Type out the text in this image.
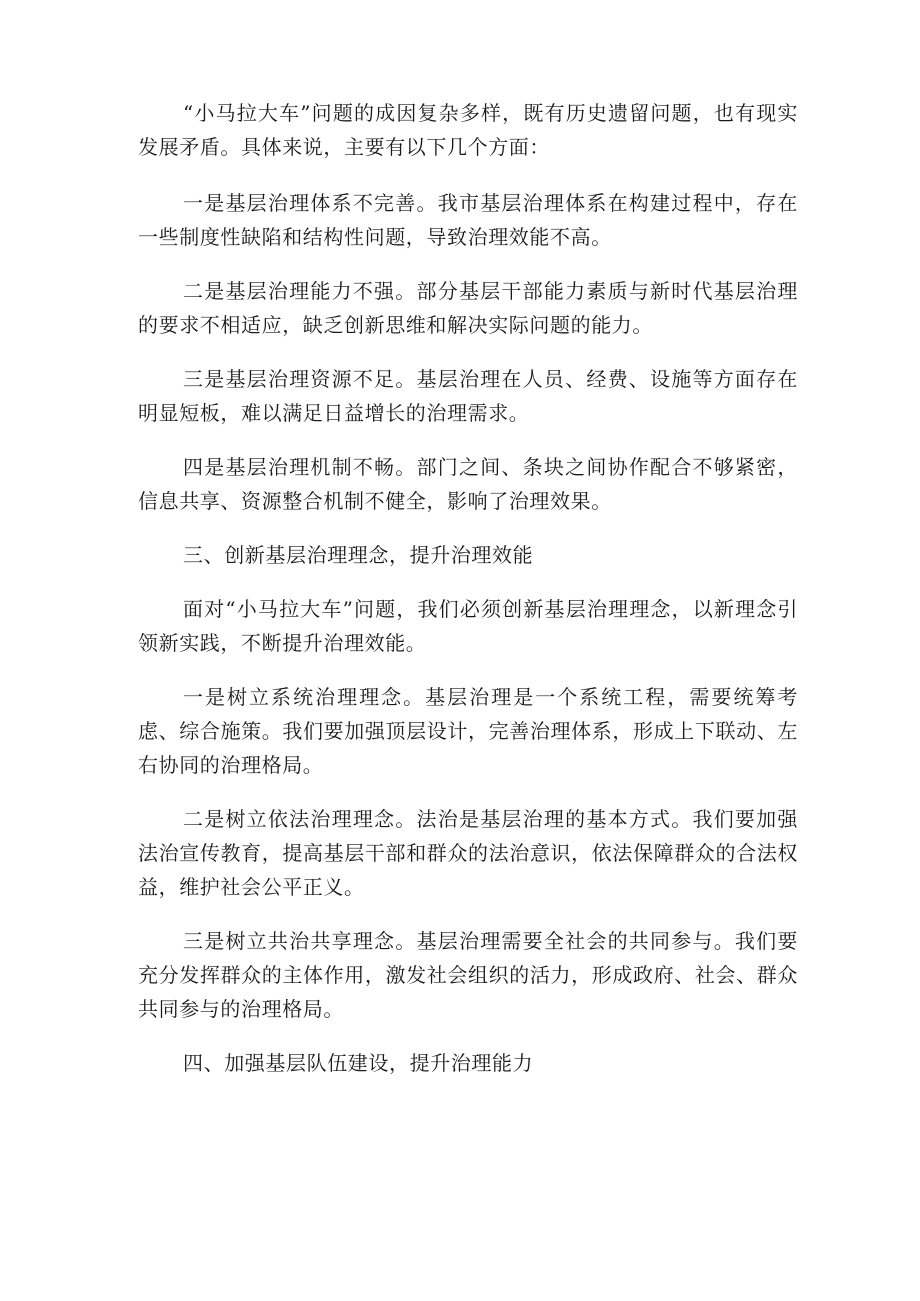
“小马拉大车”问题的成因复杂多样，既有历史遗留问题，也有现实发展矛盾。具体来说，主要有以下几个方面：

一是基层治理体系不完善。我市基层治理体系在构建过程中，存在一些制度性缺陷和结构性问题，导致治理效能不高。

二是基层治理能力不强。部分基层干部能力素质与新时代基层治理的要求不相适应，缺乏创新思维和解决实际问题的能力。

三是基层治理资源不足。基层治理在人员、经费、设施等方面存在明显短板，难以满足日益增长的治理需求。

四是基层治理机制不畅。部门之间、条块之间协作配合不够紧密，信息共享、资源整合机制不健全，影响了治理效果。

三、创新基层治理理念，提升治理效能

面对“小马拉大车”问题，我们必须创新基层治理理念，以新理念引领新实践，不断提升治理效能。

一是树立系统治理理念。基层治理是一个系统工程，需要统筹考虑、综合施策。我们要加强顶层设计，完善治理体系，形成上下联动、左右协同的治理格局。

二是树立依法治理理念。法治是基层治理的基本方式。我们要加强法治宣传教育，提高基层干部和群众的法治意识，依法保障群众的合法权益，维护社会公平正义。

三是树立共治共享理念。基层治理需要全社会的共同参与。我们要充分发挥群众的主体作用，激发社会组织的活力，形成政府、社会、群众共同参与的治理格局。

四、加强基层队伍建设，提升治理能力
